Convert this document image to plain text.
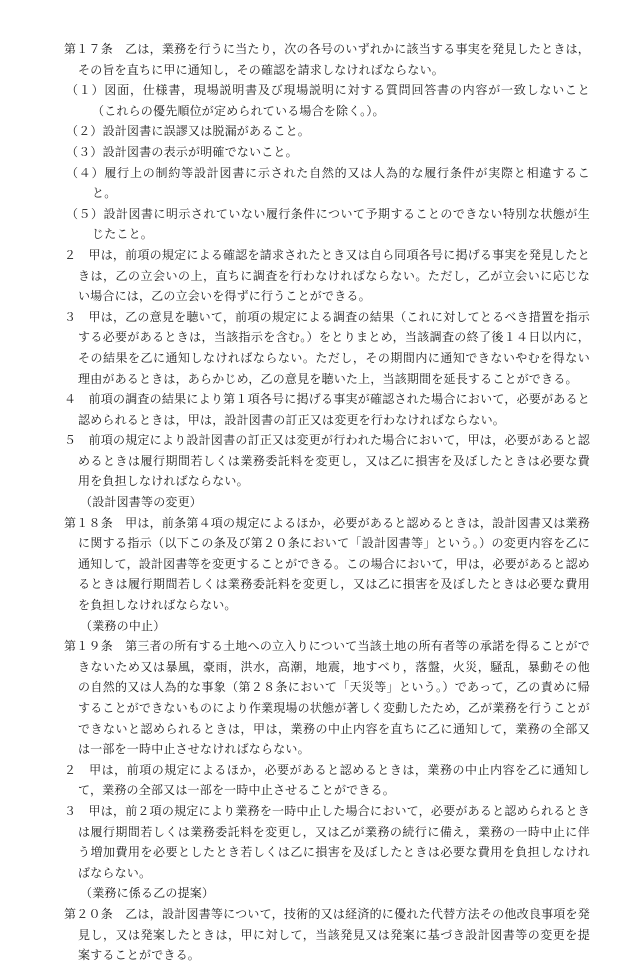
第１７条　乙は，業務を行うに当たり，次の各号のいずれかに該当する事実を発見したときは，その旨を直ちに甲に通知し，その確認を請求しなければならない。

（１）図面，仕様書，現場説明書及び現場説明に対する質問回答書の内容が一致しないこと（これらの優先順位が定められている場合を除く。）。

（２）設計図書に誤謬又は脱漏があること。

（３）設計図書の表示が明確でないこと。

（４）履行上の制約等設計図書に示された自然的又は人為的な履行条件が実際と相違すること。

（５）設計図書に明示されていない履行条件について予期することのできない特別な状態が生じたこと。

２　甲は，前項の規定による確認を請求されたとき又は自ら同項各号に掲げる事実を発見したときは，乙の立会いの上，直ちに調査を行わなければならない。ただし，乙が立会いに応じない場合には，乙の立会いを得ずに行うことができる。

３　甲は，乙の意見を聴いて，前項の規定による調査の結果（これに対してとるべき措置を指示する必要があるときは，当該指示を含む。）をとりまとめ，当該調査の終了後１４日以内に，その結果を乙に通知しなければならない。ただし，その期間内に通知できないやむを得ない理由があるときは，あらかじめ，乙の意見を聴いた上，当該期間を延長することができる。

４　前項の調査の結果により第１項各号に掲げる事実が確認された場合において，必要があると認められるときは，甲は，設計図書の訂正又は変更を行わなければならない。

５　前項の規定により設計図書の訂正又は変更が行われた場合において，甲は，必要があると認めるときは履行期間若しくは業務委託料を変更し，又は乙に損害を及ぼしたときは必要な費用を負担しなければならない。

（設計図書等の変更）

第１８条　甲は，前条第４項の規定によるほか，必要があると認めるときは，設計図書又は業務に関する指示（以下この条及び第２０条において「設計図書等」という。）の変更内容を乙に通知して，設計図書等を変更することができる。この場合において，甲は，必要があると認めるときは履行期間若しくは業務委託料を変更し，又は乙に損害を及ぼしたときは必要な費用を負担しなければならない。

（業務の中止）

第１９条　第三者の所有する土地への立入りについて当該土地の所有者等の承諾を得ることができないため又は暴風，豪雨，洪水，高潮，地震，地すべり，落盤，火災，騒乱，暴動その他の自然的又は人為的な事象（第２８条において「天災等」という。）であって，乙の責めに帰することができないものにより作業現場の状態が著しく変動したため，乙が業務を行うことができないと認められるときは，甲は，業務の中止内容を直ちに乙に通知して，業務の全部又は一部を一時中止させなければならない。

２　甲は，前項の規定によるほか，必要があると認めるときは，業務の中止内容を乙に通知して，業務の全部又は一部を一時中止させることができる。

３　甲は，前２項の規定により業務を一時中止した場合において，必要があると認められるときは履行期間若しくは業務委託料を変更し，又は乙が業務の続行に備え，業務の一時中止に伴う増加費用を必要としたとき若しくは乙に損害を及ぼしたときは必要な費用を負担しなければならない。

（業務に係る乙の提案）

第２０条　乙は，設計図書等について，技術的又は経済的に優れた代替方法その他改良事項を発見し，又は発案したときは，甲に対して，当該発見又は発案に基づき設計図書等の変更を提案することができる。
